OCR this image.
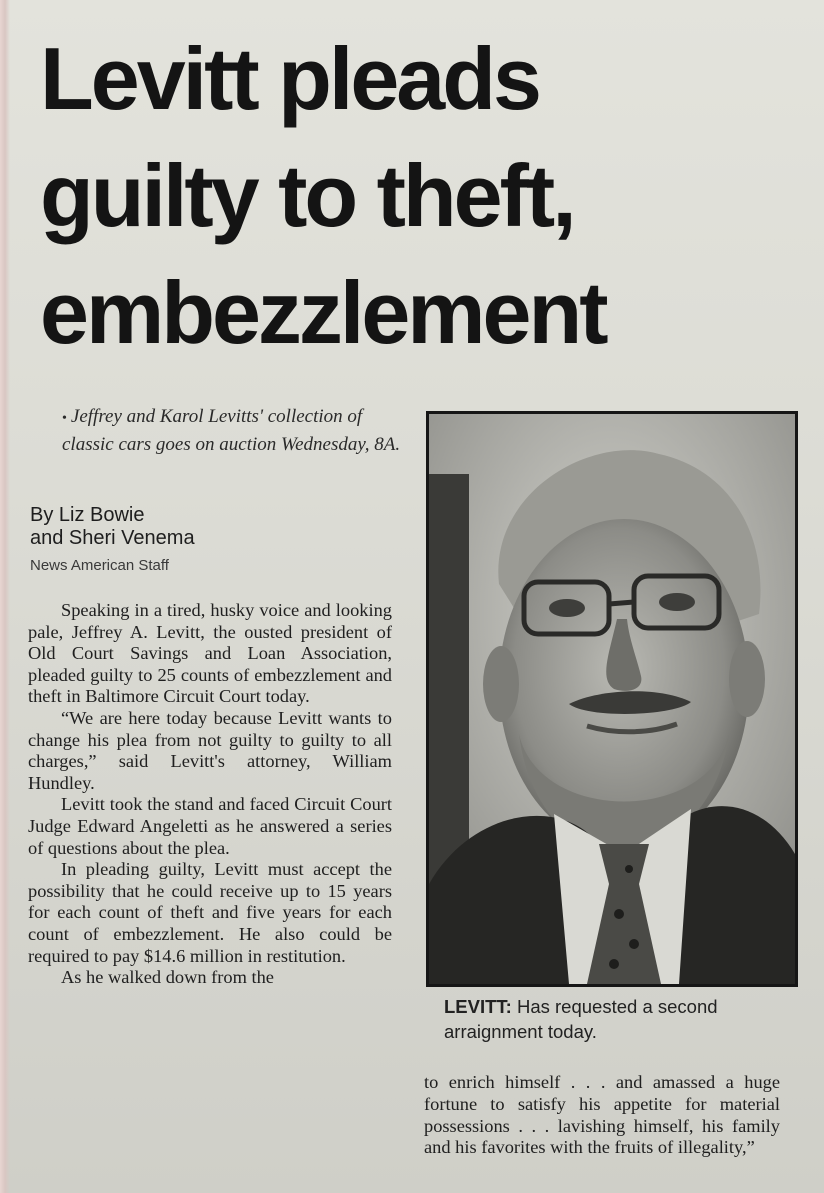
Levitt pleads
guilty to theft,
embezzlement
• Jeffrey and Karol Levitts' collection of classic cars goes on auction Wednesday, 8A.
By Liz Bowie
and Sheri Venema
News American Staff

Speaking in a tired, husky voice and looking pale, Jeffrey A. Levitt, the ousted president of Old Court Savings and Loan Association, pleaded guilty to 25 counts of embezzlement and theft in Baltimore Circuit Court today.

“We are here today because Levitt wants to change his plea from not guilty to guilty to all charges,” said Levitt's attorney, William Hundley.

Levitt took the stand and faced Circuit Court Judge Edward Angeletti as he answered a series of questions about the plea.

In pleading guilty, Levitt must accept the possibility that he could receive up to 15 years for each count of theft and five years for each count of embezzlement. He also could be required to pay $14.6 million in restitution.

As he walked down from the

LEVITT: Has requested a second arraignment today.

to enrich himself . . . and amassed a huge fortune to satisfy his appetite for material possessions . . . lavishing himself, his family and his favorites with the fruits of illegality,”
